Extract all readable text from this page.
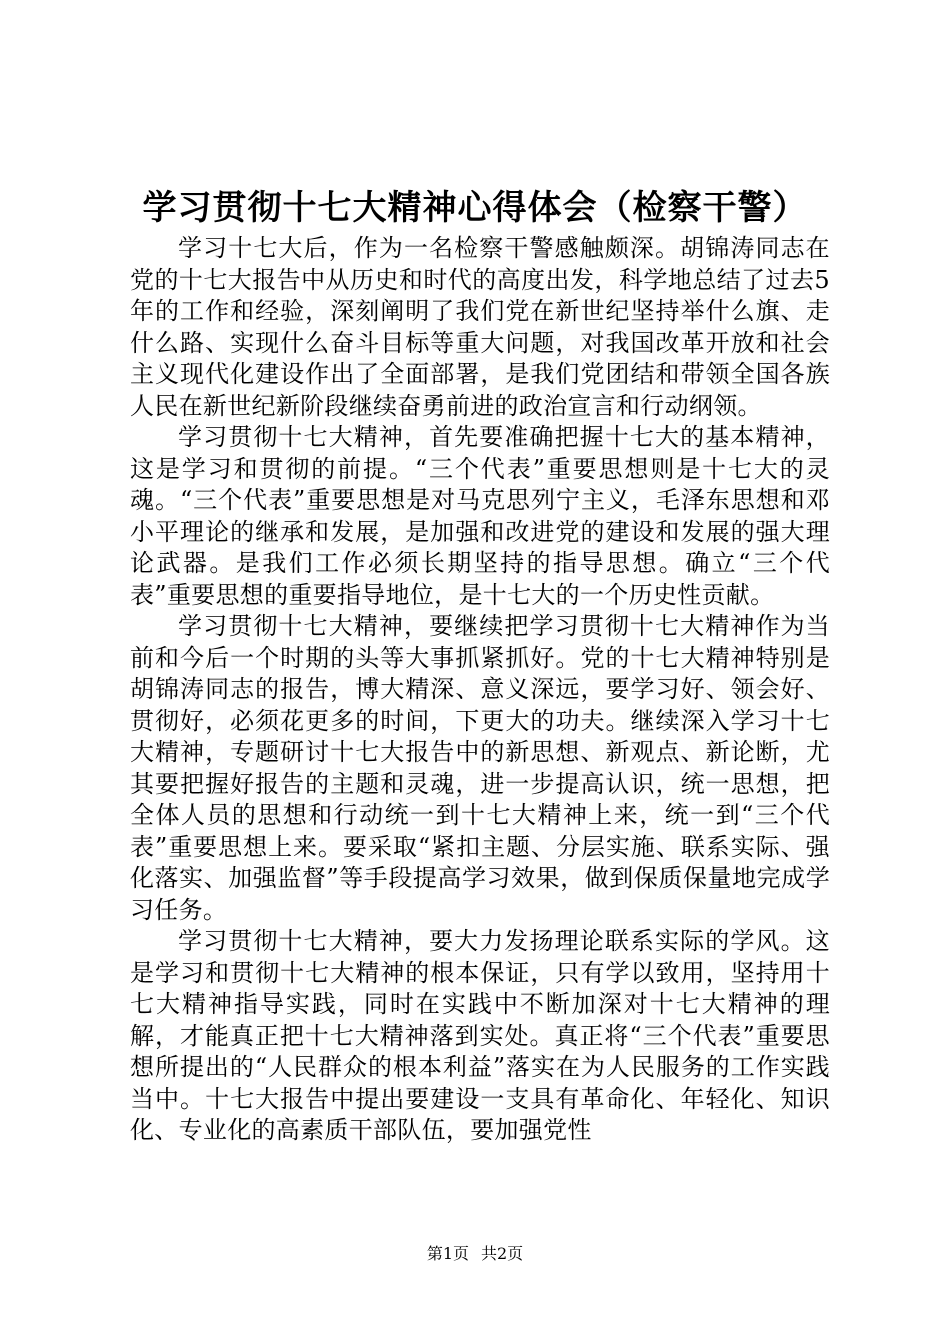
学习贯彻十七大精神心得体会（检察干警）

学习十七大后，作为一名检察干警感触颇深。胡锦涛同志在党的十七大报告中从历史和时代的高度出发，科学地总结了过去5年的工作和经验，深刻阐明了我们党在新世纪坚持举什么旗、走什么路、实现什么奋斗目标等重大问题，对我国改革开放和社会主义现代化建设作出了全面部署，是我们党团结和带领全国各族人民在新世纪新阶段继续奋勇前进的政治宣言和行动纲领。

学习贯彻十七大精神，首先要准确把握十七大的基本精神，这是学习和贯彻的前提。“三个代表”重要思想则是十七大的灵魂。“三个代表”重要思想是对马克思列宁主义，毛泽东思想和邓小平理论的继承和发展，是加强和改进党的建设和发展的强大理论武器。是我们工作必须长期坚持的指导思想。确立“三个代表”重要思想的重要指导地位，是十七大的一个历史性贡献。

学习贯彻十七大精神，要继续把学习贯彻十七大精神作为当前和今后一个时期的头等大事抓紧抓好。党的十七大精神特别是胡锦涛同志的报告，博大精深、意义深远，要学习好、领会好、贯彻好，必须花更多的时间，下更大的功夫。继续深入学习十七大精神，专题研讨十七大报告中的新思想、新观点、新论断，尤其要把握好报告的主题和灵魂，进一步提高认识，统一思想，把全体人员的思想和行动统一到十七大精神上来，统一到“三个代表”重要思想上来。要采取“紧扣主题、分层实施、联系实际、强化落实、加强监督”等手段提高学习效果，做到保质保量地完成学习任务。

学习贯彻十七大精神，要大力发扬理论联系实际的学风。这是学习和贯彻十七大精神的根本保证，只有学以致用，坚持用十七大精神指导实践，同时在实践中不断加深对十七大精神的理解，才能真正把十七大精神落到实处。真正将“三个代表”重要思想所提出的“人民群众的根本利益”落实在为人民服务的工作实践当中。十七大报告中提出要建设一支具有革命化、年轻化、知识化、专业化的高素质干部队伍，要加强党性

第1页 共2页
